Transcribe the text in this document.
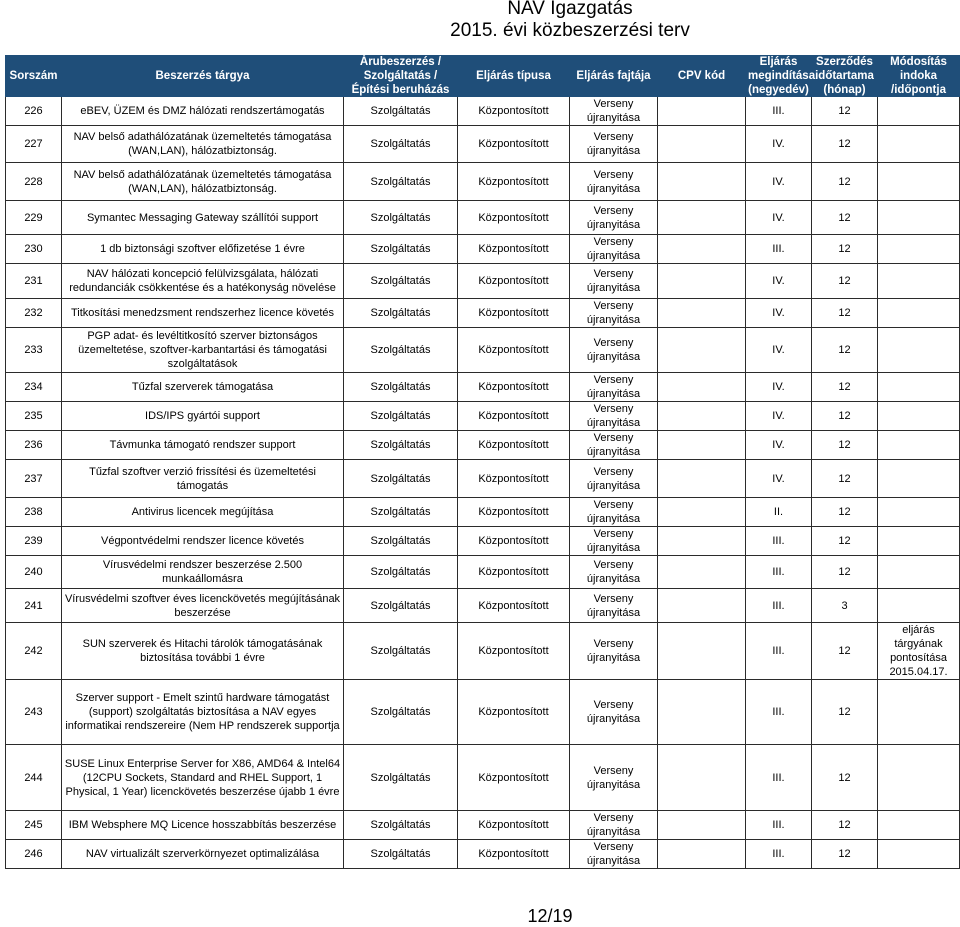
NAV Igazgatás
2015. évi közbeszerzési terv
Sorszám	Beszerzés tárgya	Árubeszerzés / Szolgáltatás / Építési beruházás	Eljárás típusa	Eljárás fajtája	CPV kód	Eljárás megindítása (negyedév)	Szerződés időtartama (hónap)	Módosítás indoka /időpontja
226	eBEV, ÜZEM és DMZ hálózati rendszertámogatás	Szolgáltatás	Központosított	Verseny újranyitása		III.	12	
227	NAV belső adathálózatának üzemeltetés támogatása (WAN,LAN), hálózatbiztonság.	Szolgáltatás	Központosított	Verseny újranyitása		IV.	12	
228	NAV belső adathálózatának üzemeltetés támogatása (WAN,LAN), hálózatbiztonság.	Szolgáltatás	Központosított	Verseny újranyitása		IV.	12	
229	Symantec Messaging Gateway szállítói support	Szolgáltatás	Központosított	Verseny újranyitása		IV.	12	
230	1 db biztonsági szoftver előfizetése 1 évre	Szolgáltatás	Központosított	Verseny újranyitása		III.	12	
231	NAV hálózati koncepció felülvizsgálata, hálózati redundanciák csökkentése és a hatékonyság növelése	Szolgáltatás	Központosított	Verseny újranyitása		IV.	12	
232	Titkosítási menedzsment rendszerhez licence követés	Szolgáltatás	Központosított	Verseny újranyitása		IV.	12	
233	PGP adat- és levéltitkosító szerver biztonságos üzemeltetése, szoftver-karbantartási és támogatási szolgáltatások	Szolgáltatás	Központosított	Verseny újranyitása		IV.	12	
234	Tűzfal szerverek támogatása	Szolgáltatás	Központosított	Verseny újranyitása		IV.	12	
235	IDS/IPS gyártói support	Szolgáltatás	Központosított	Verseny újranyitása		IV.	12	
236	Távmunka támogató rendszer support	Szolgáltatás	Központosított	Verseny újranyitása		IV.	12	
237	Tűzfal szoftver verzió frissítési és üzemeltetési támogatás	Szolgáltatás	Központosított	Verseny újranyitása		IV.	12	
238	Antivirus licencek megújítása	Szolgáltatás	Központosított	Verseny újranyitása		II.	12	
239	Végpontvédelmi rendszer licence követés	Szolgáltatás	Központosított	Verseny újranyitása		III.	12	
240	Vírusvédelmi rendszer beszerzése 2.500 munkaállomásra	Szolgáltatás	Központosított	Verseny újranyitása		III.	12	
241	Vírusvédelmi szoftver éves licenckövetés megújításának beszerzése	Szolgáltatás	Központosított	Verseny újranyitása		III.	3	
242	SUN szerverek és Hitachi tárolók támogatásának biztosítása további 1 évre	Szolgáltatás	Központosított	Verseny újranyitása		III.	12	eljárás tárgyának pontosítása 2015.04.17.
243	Szerver support - Emelt szintű hardware támogatást (support) szolgáltatás biztosítása a NAV egyes informatikai rendszereire (Nem HP rendszerek supportja	Szolgáltatás	Központosított	Verseny újranyitása		III.	12	
244	SUSE Linux Enterprise Server for X86, AMD64 & Intel64 (12CPU Sockets, Standard and RHEL Support, 1 Physical, 1 Year) licenckövetés beszerzése újabb 1 évre	Szolgáltatás	Központosított	Verseny újranyitása		III.	12	
245	IBM Websphere MQ Licence hosszabbítás beszerzése	Szolgáltatás	Központosított	Verseny újranyitása		III.	12	
246	NAV virtualizált szerverkörnyezet optimalizálása	Szolgáltatás	Központosított	Verseny újranyitása		III.	12	
12/19
